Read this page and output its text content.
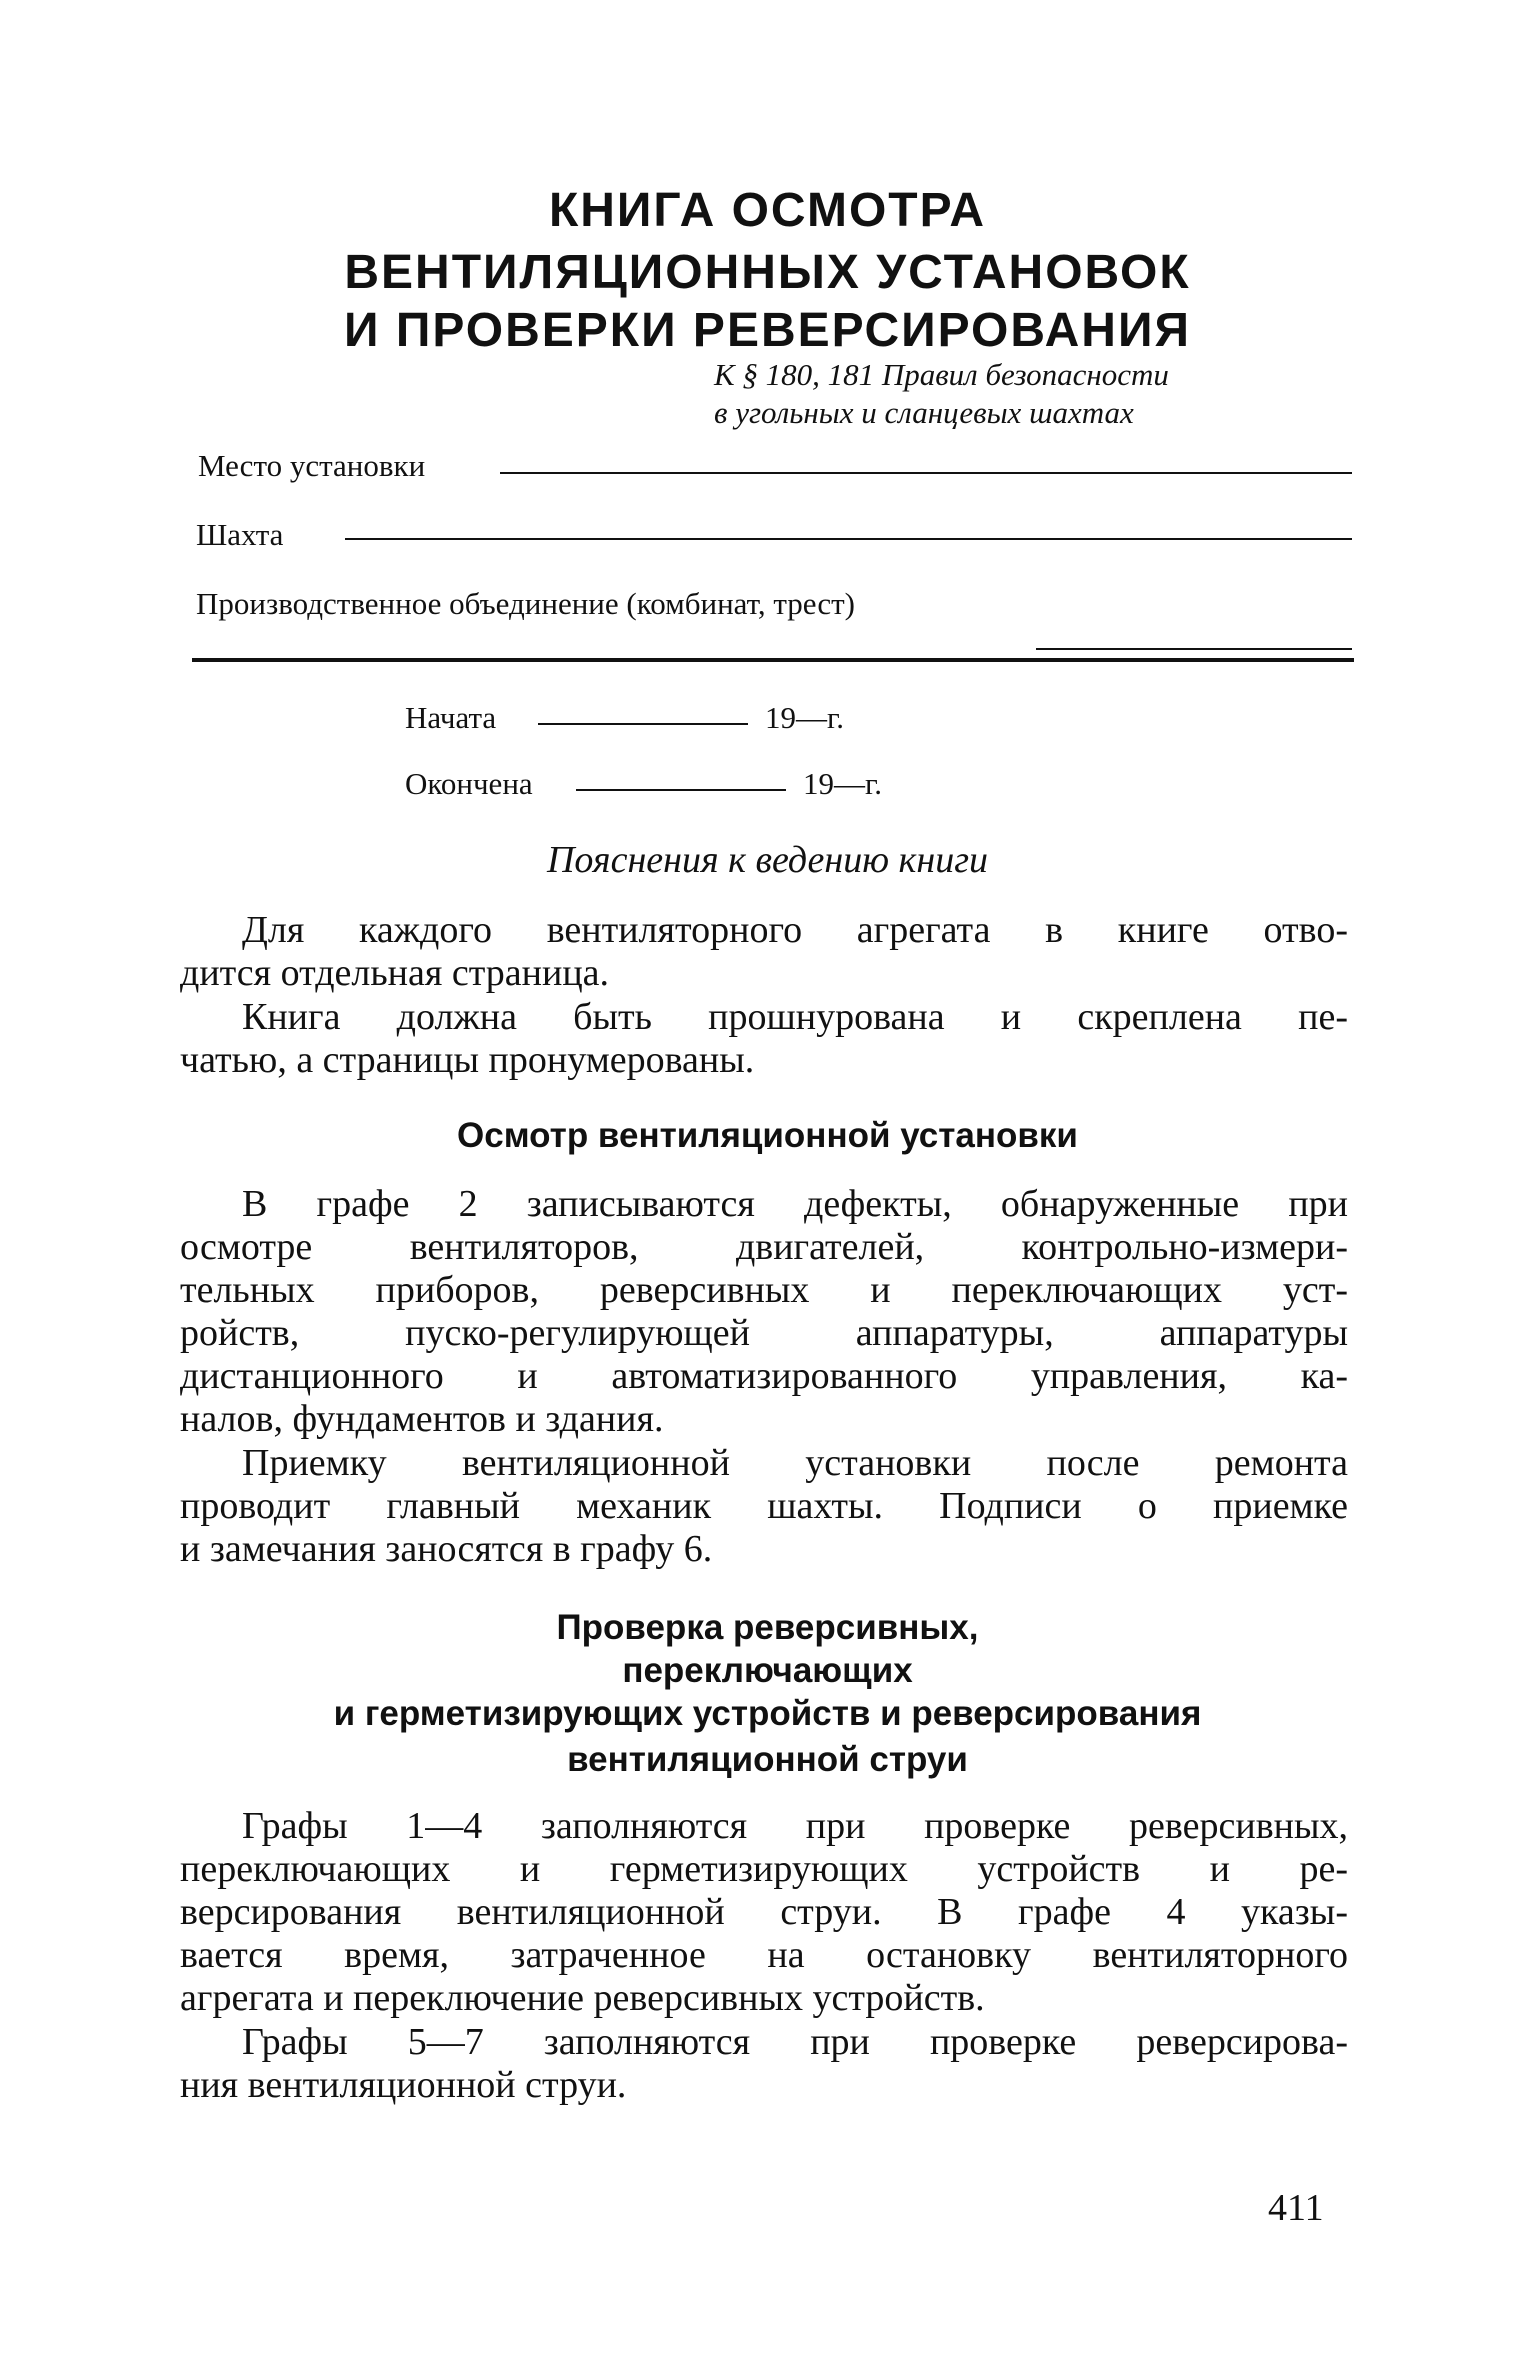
КНИГА ОСМОТРА
ВЕНТИЛЯЦИОННЫХ УСТАНОВОК
И ПРОВЕРКИ РЕВЕРСИРОВАНИЯ
К § 180, 181 Правил безопасности
в угольных и сланцевых шахтах
Место установки
Шахта
Производственное объединение (комбинат, трест)
Начата	19—г.
Окончена	19—г.
Пояснения к ведению книги
Для каждого вентиляторного агрегата в книге отво-
дится отдельная страница.
Книга должна быть прошнурована и скреплена пе-
чатью, а страницы пронумерованы.
Осмотр вентиляционной установки
В графе 2 записываются дефекты, обнаруженные при
осмотре вентиляторов, двигателей, контрольно-измери-
тельных приборов, реверсивных и переключающих уст-
ройств, пуско-регулирующей аппаратуры, аппаратуры
дистанционного и автоматизированного управления, ка-
налов, фундаментов и здания.
Приемку вентиляционной установки после ремонта
проводит главный механик шахты. Подписи о приемке
и замечания заносятся в графу 6.
Проверка реверсивных,
переключающих
и герметизирующих устройств и реверсирования
вентиляционной струи
Графы 1—4 заполняются при проверке реверсивных,
переключающих и герметизирующих устройств и ре-
версирования вентиляционной струи. В графе 4 указы-
вается время, затраченное на остановку вентиляторного
агрегата и переключение реверсивных устройств.
Графы 5—7 заполняются при проверке реверсирова-
ния вентиляционной струи.
411
